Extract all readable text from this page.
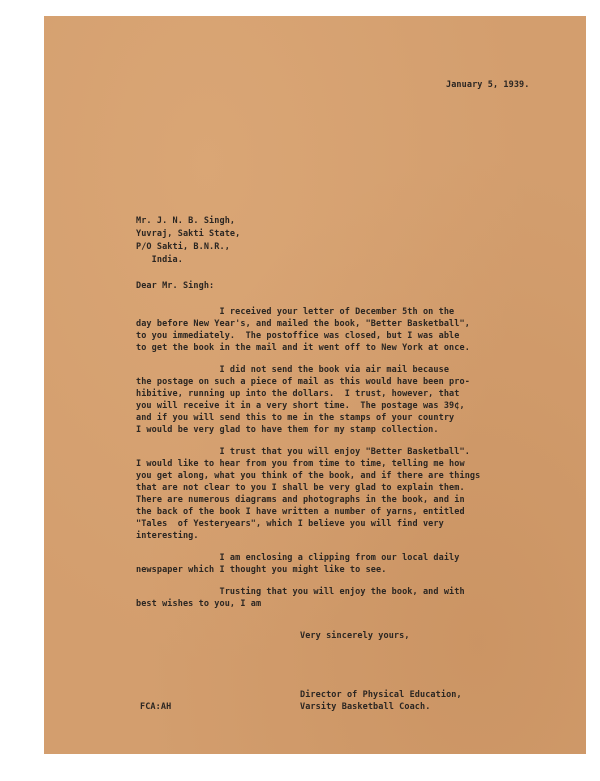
January 5, 1939.
Mr. J. N. B. Singh,
Yuvraj, Sakti State,
P/O Sakti, B.N.R.,
India.
Dear Mr. Singh:
I received your letter of December 5th on the
day before New Year's, and mailed the book, "Better Basketball",
to you immediately.  The postoffice was closed, but I was able
to get the book in the mail and it went off to New York at once.
I did not send the book via air mail because
the postage on such a piece of mail as this would have been pro-
hibitive, running up into the dollars.  I trust, however, that
you will receive it in a very short time.  The postage was 39¢,
and if you will send this to me in the stamps of your country
I would be very glad to have them for my stamp collection.
I trust that you will enjoy "Better Basketball".
I would like to hear from you from time to time, telling me how
you get along, what you think of the book, and if there are things
that are not clear to you I shall be very glad to explain them.
There are numerous diagrams and photographs in the book, and in
the back of the book I have written a number of yarns, entitled
"Tales  of Yesteryears", which I believe you will find very
interesting.
I am enclosing a clipping from our local daily
newspaper which I thought you might like to see.
Trusting that you will enjoy the book, and with
best wishes to you, I am
Very sincerely yours,
Director of Physical Education,
Varsity Basketball Coach.
FCA:AH
